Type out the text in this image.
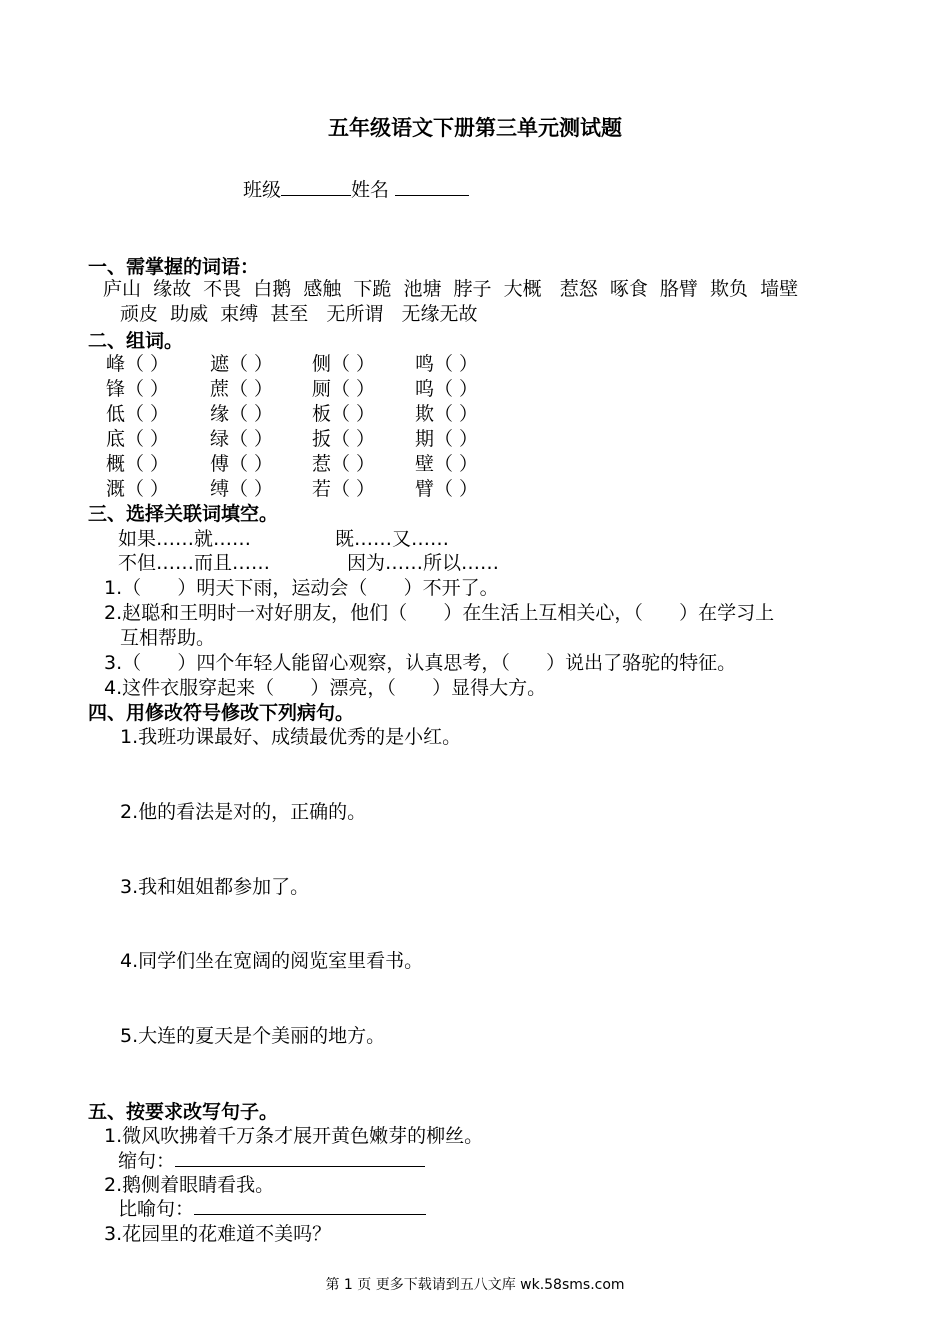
五年级语文下册第三单元测试题
班级	姓名
一、需掌握的词语：
庐山  缘故  不畏  白鹅  感触  下跪  池塘  脖子  大概   惹怒  啄食  胳臂  欺负  墙壁
顽皮  助威  束缚  甚至   无所谓   无缘无故
二、组词。
峰（ ） 遮（ ） 侧（ ） 鸣（ ）
锋（ ） 蔗（ ） 厕（ ） 呜（ ）
低（ ） 缘（ ） 板（ ） 欺（ ）
底（ ） 绿（ ） 扳（ ） 期（ ）
概（ ） 傅（ ） 惹（ ） 壁（ ）
溉（ ） 缚（ ） 若（ ） 臂（ ）
三、选择关联词填空。
如果……就……	既……又……
不但……而且……	因为……所以……
1.（      ）明天下雨，运动会（      ）不开了。
2.赵聪和王明时一对好朋友，他们（      ）在生活上互相关心，（      ）在学习上
互相帮助。
3.（      ）四个年轻人能留心观察，认真思考，（      ）说出了骆驼的特征。
4.这件衣服穿起来（      ）漂亮，（      ）显得大方。
四、用修改符号修改下列病句。
1.我班功课最好、成绩最优秀的是小红。
2.他的看法是对的，正确的。
3.我和姐姐都参加了。
4.同学们坐在宽阔的阅览室里看书。
5.大连的夏天是个美丽的地方。
五、按要求改写句子。
1.微风吹拂着千万条才展开黄色嫩芽的柳丝。
缩句：
2.鹅侧着眼睛看我。
比喻句：
3.花园里的花难道不美吗？
第 1 页 更多下载请到五八文库 wk.58sms.com
